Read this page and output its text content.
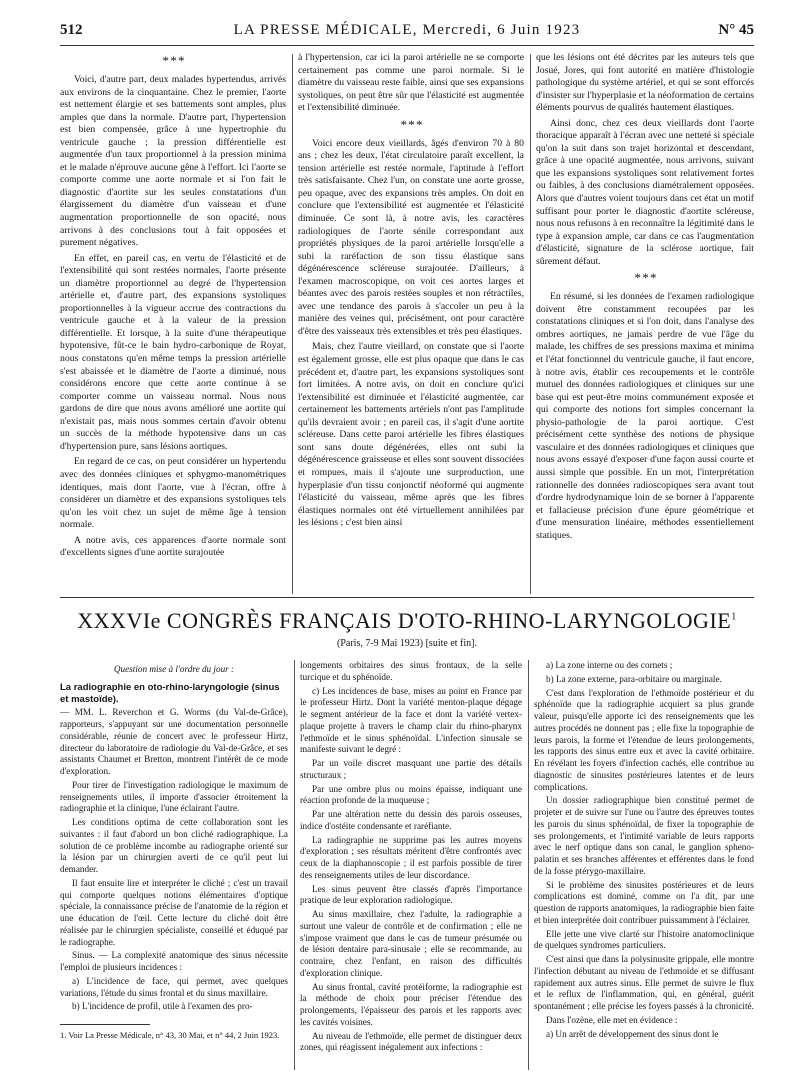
512	LA PRESSE MÉDICALE, Mercredi, 6 Juin 1923	N° 45
* * *

Voici, d'autre part, deux malades hypertendus, arrivés aux environs de la cinquantaine. Chez le premier, l'aorte est nettement élargie et ses battements sont amples, plus amples que dans la normale. D'autre part, l'hypertension est bien compensée, grâce à une hypertrophie du ventricule gauche ; la pression différentielle est augmentée d'un taux proportionnel à la pression minima et le malade n'éprouve aucune gêne à l'effort. Ici l'aorte se comporte comme une aorte normale et si l'on fait le diagnostic d'aortite sur les seules constatations d'un élargissement du diamètre d'un vaisseau et d'une augmentation proportionnelle de son opacité, nous arrivons à des conclusions tout à fait opposées et purement négatives.

En effet, en pareil cas, en vertu de l'élasticité et de l'extensibilité qui sont restées normales, l'aorte présente un diamètre proportionnel au degré de l'hypertension artérielle et, d'autre part, des expansions systoliques proportionnelles à la vigueur accrue des contractions du ventricule gauche et à la valeur de la pression différentielle. Et lorsque, à la suite d'une thérapeutique hypotensive, fût-ce le bain hydro-carbonique de Royat, nous constatons qu'en même temps la pression artérielle s'est abaissée et le diamètre de l'aorte a diminué, nous considérons encore que cette aorte continue à se comporter comme un vaisseau normal. Nous nous gardons de dire que nous avons amélioré une aortite qui n'existait pas, mais nous sommes certain d'avoir obtenu un succès de la méthode hypotensive dans un cas d'hypertension pure, sans lésions aortiques.

En regard de ce cas, on peut considérer un hypertendu avec des données cliniques et sphygmo-manométriques identiques, mais dont l'aorte, vue à l'écran, offre à considérer un diamètre et des expansions systoliques tels qu'on les voit chez un sujet de même âge à tension normale.

A notre avis, ces apparences d'aorte normale sont d'excellents signes d'une aortite surajoutée

à l'hypertension, car ici la paroi artérielle ne se comporte certainement pas comme une paroi normale. Si le diamètre du vaisseau reste faible, ainsi que ses expansions systoliques, on peut être sûr que l'élasticité est augmentée et l'extensibilité diminuée.

* * *

Voici encore deux vieillards, âgés d'environ 70 à 80 ans ; chez les deux, l'état circulatoire paraît excellent, la tension artérielle est restée normale, l'aptitude à l'effort très satisfaisante. Chez l'un, on constate une aorte grosse, peu opaque, avec des expansions très amples. On doit en conclure que l'extensibilité est augmentée et l'élasticité diminuée. Ce sont là, à notre avis, les caractères radiologiques de l'aorte sénile correspondant aux propriétés physiques de la paroi artérielle lorsqu'elle a subi la raréfaction de son tissu élastique sans dégénérescence scléreuse surajoutée. D'ailleurs, à l'examen macroscopique, on voit ces aortes larges et béantes avec des parois restées souples et non rétractiles, avec une tendance des parois à s'accoler un peu à la manière des veines qui, précisément, ont pour caractère d'être des vaisseaux très extensibles et très peu élastiques.

Mais, chez l'autre vieillard, on constate que si l'aorte est également grosse, elle est plus opaque que dans le cas précédent et, d'autre part, les expansions systoliques sont fort limitées. A notre avis, on doit en conclure qu'ici l'extensibilité est diminuée et l'élasticité augmentée, car certainement les battements artériels n'ont pas l'amplitude qu'ils devraient avoir ; en pareil cas, il s'agit d'une aortite scléreuse. Dans cette paroi artérielle les fibres élastiques sont sans doute dégénérées, elles ont subi la dégénérescence graisseuse et elles sont souvent dissociées et rompues, mais il s'ajoute une surproduction, une hyperplasie d'un tissu conjonctif néoformé qui augmente l'élasticité du vaisseau, même après que les fibres élastiques normales ont été virtuellement annihilées par les lésions ; c'est bien ainsi

que les lésions ont été décrites par les auteurs tels que Josué, Jores, qui font autorité en matière d'histologie pathologique du système artériel, et qui se sont efforcés d'insister sur l'hyperplasie et la néoformation de certains éléments pourvus de qualités hautement élastiques.

Ainsi donc, chez ces deux vieillards dont l'aorte thoracique apparaît à l'écran avec une netteté si spéciale qu'on la suit dans son trajet horizontal et descendant, grâce à une opacité augmentée, nous arrivons, suivant que les expansions systoliques sont relativement fortes ou faibles, à des conclusions diamétralement opposées. Alors que d'autres voient toujours dans cet état un motif suffisant pour porter le diagnostic d'aortite scléreuse, nous nous refusons à en reconnaître la légitimité dans le type à expansion ample, car dans ce cas l'augmentation d'élasticité, signature de la sclérose aortique, fait sûrement défaut.

* * *

En résumé, si les données de l'examen radiologique doivent être constamment recoupées par les constatations cliniques et si l'on doit, dans l'analyse des ombres aortiques, ne jamais perdre de vue l'âge du malade, les chiffres de ses pressions maxima et minima et l'état fonctionnel du ventricule gauche, il faut encore, à notre avis, établir ces recoupements et le contrôle mutuel des données radiologiques et cliniques sur une base qui est peut-être moins communément exposée et qui comporte des notions fort simples concernant la physio-pathologie de la paroi aortique. C'est précisément cette synthèse des notions de physique vasculaire et des données radiologiques et cliniques que nous avons essayé d'exposer d'une façon aussi courte et aussi simple que possible. En un mot, l'interprétation rationnelle des données radioscopiques sera avant tout d'ordre hydrodynamique loin de se borner à l'apparente et fallacieuse précision d'une épure géométrique et d'une mensuration linéaire, méthodes essentiellement statiques.

XXXVIe CONGRÈS FRANÇAIS D'OTO-RHINO-LARYNGOLOGIE$^1$
(Paris, 7-9 Mai 1923) [suite et fin].

Question mise à l'ordre du jour :

La radiographie en oto-rhino-laryngologie (sinus et mastoïde).

— MM. L. Reverchon et G. Worms (du Val-de-Grâce), rapporteurs, s'appuyant sur une documentation personnelle considérable, réunie de concert avec le professeur Hirtz, directeur du laboratoire de radiologie du Val-de-Grâce, et ses assistants Chaumet et Bretton, montrent l'intérêt de ce mode d'exploration.

Pour tirer de l'investigation radiologique le maximum de renseignements utiles, il importe d'associer étroitement la radiographie et la clinique, l'une éclairant l'autre.

Les conditions optima de cette collaboration sont les suivantes : il faut d'abord un bon cliché radiographique. La solution de ce problème incombe au radiographe orienté sur la lésion par un chirurgien averti de ce qu'il peut lui demander.

Il faut ensuite lire et interpréter le cliché ; c'est un travail qui comporte quelques notions élémentaires d'optique spéciale, la connaissance précise de l'anatomie de la région et une éducation de l'œil. Cette lecture du cliché doit être réalisée par le chirurgien spécialiste, conseillé et éduqué par le radiographe.

Sinus. — La complexité anatomique des sinus nécessite l'emploi de plusieurs incidences :

a) L'incidence de face, qui permet, avec quelques variations, l'étude du sinus frontal et du sinus maxillaire.

b) L'incidence de profil, utile à l'examen des pro-

longements orbitaires des sinus frontaux, de la selle turcique et du sphénoïde.

c) Les incidences de base, mises au point en France par le professeur Hirtz. Dont la variété menton-plaque dégage le segment antérieur de la face et dont la variété vertex-plaque projette à travers le champ clair du rhino-pharynx l'ethmoïde et le sinus sphénoïdal. L'infection sinusale se manifeste suivant le degré :

Par un voile discret masquant une partie des détails structuraux ;

Par une ombre plus ou moins épaisse, indiquant une réaction profonde de la muqueuse ;

Par une altération nette du dessin des parois osseuses, indice d'ostéite condensante et raréfiante.

La radiographie ne supprime pas les autres moyens d'exploration ; ses résultats méritent d'être confrontés avec ceux de la diaphanoscopie ; il est parfois possible de tirer des renseignements utiles de leur discordance.

Les sinus peuvent être classés d'après l'importance pratique de leur exploration radiologique.

Au sinus maxillaire, chez l'adulte, la radiographie a surtout une valeur de contrôle et de confirmation ; elle ne s'impose vraiment que dans le cas de tumeur présumée ou de lésion dentaire para-sinusale ; elle se recommande, au contraire, chez l'enfant, en raison des difficultés d'exploration clinique.

Au sinus frontal, cavité protéiforme, la radiographie est la méthode de choix pour préciser l'étendue des prolongements, l'épaisseur des parois et les rapports avec les cavités voisines.

Au niveau de l'ethmoïde, elle permet de distinguer deux zones, qui réagissent inégalement aux infections :

a) La zone interne ou des cornets ;

b) La zone externe, para-orbitaire ou marginale.

C'est dans l'exploration de l'ethmoïde postérieur et du sphénoïde que la radiographie acquiert sa plus grande valeur, puisqu'elle apporte ici des renseignements que les autres procédés ne donnent pas ; elle fixe la topographie de leurs parois, la forme et l'étendue de leurs prolongements, les rapports des sinus entre eux et avec la cavité orbitaire. En révélant les foyers d'infection cachés, elle contribue au diagnostic de sinusites postérieures latentes et de leurs complications.

Un dossier radiographique bien constitué permet de projeter et de suivre sur l'une ou l'autre des épreuves toutes les parois du sinus sphénoïdal, de fixer la topographie de ses prolongements, et l'intimité variable de leurs rapports avec le nerf optique dans son canal, le ganglion spheno-palatin et ses branches afférentes et efférentes dans le fond de la fosse ptérygo-maxillaire.

Si le problème des sinusites postérieures et de leurs complications est dominé, comme on l'a dit, par une question de rapports anatomiques, la radiographie bien faite et bien interprétée doit contribuer puissamment à l'éclairer.

Elle jette une vive clarté sur l'histoire anatomoclinique de quelques syndromes particuliers.

C'est ainsi que dans la polysinusite grippale, elle montre l'infection débutant au niveau de l'ethmoïde et se diffusant rapidement aux autres sinus. Elle permet de suivre le flux et le reflux de l'inflammation, qui, en général, guérit spontanément ; elle précise les foyers passés à la chronicité.

Dans l'ozène, elle met en évidence :

a) Un arrêt de développement des sinus dont le

1. Voir La Presse Médicale, n° 43, 30 Mai, et n° 44, 2 Juin 1923.
